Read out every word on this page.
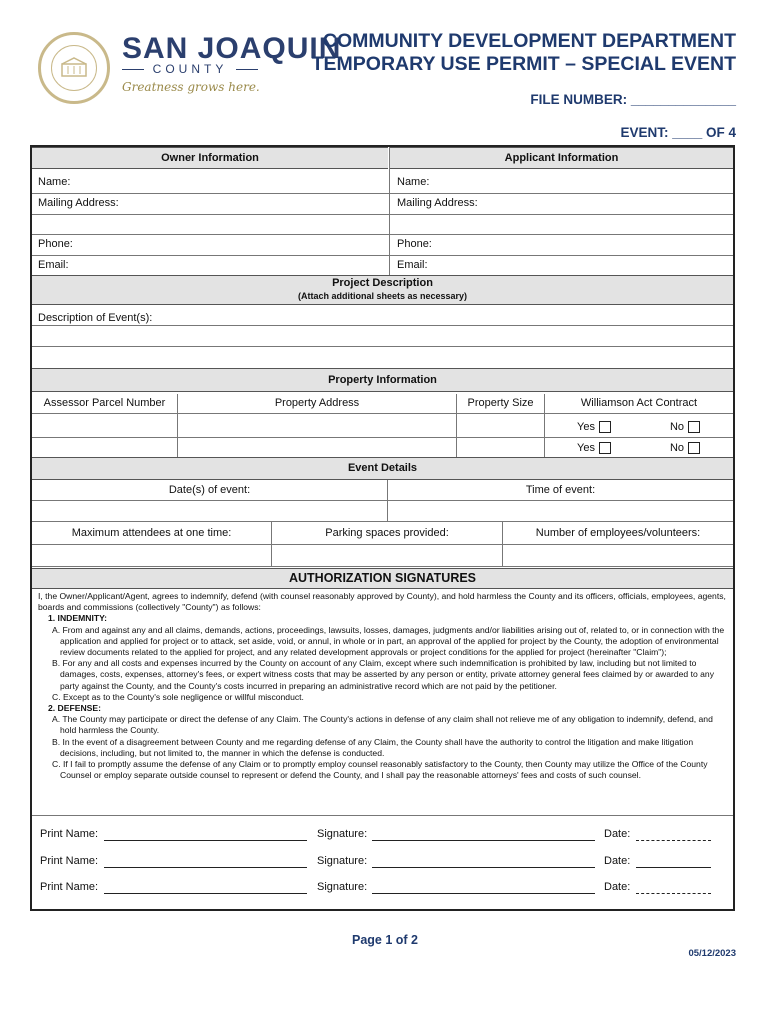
SAN JOAQUIN
COUNTY
Greatness grows here.
COMMUNITY DEVELOPMENT DEPARTMENT
TEMPORARY USE PERMIT – SPECIAL EVENT
FILE NUMBER: ______________
EVENT: ____ OF 4
Owner Information	Applicant Information
Name:	Name:
Mailing Address:	Mailing Address:
Phone:	Phone:
Email:	Email:
Project Description
(Attach additional sheets as necessary)
Description of Event(s):
Property Information
Assessor Parcel Number	Property Address	Property Size	Williamson Act Contract
Yes	No
Yes	No
Event Details
Date(s) of event:	Time of event:
Maximum attendees at one time:	Parking spaces provided:	Number of employees/volunteers:
AUTHORIZATION SIGNATURES

I, the Owner/Applicant/Agent, agrees to indemnify, defend (with counsel reasonably approved by County), and hold harmless the County and its officers, officials, employees, agents, boards and commissions (collectively "County") as follows:

1. INDEMNITY:

A. From and against any and all claims, demands, actions, proceedings, lawsuits, losses, damages, judgments and/or liabilities arising out of, related to, or in connection with the application and applied for project or to attack, set aside, void, or annul, in whole or in part, an approval of the applied for project by the County, the adoption of environmental review documents related to the applied for project, and any related development approvals or project conditions for the applied for project (hereinafter "Claim");

B. For any and all costs and expenses incurred by the County on account of any Claim, except where such indemnification is prohibited by law, including but not limited to damages, costs, expenses, attorney's fees, or expert witness costs that may be asserted by any person or entity, private attorney general fees claimed by or awarded to any party against the County, and the County's costs incurred in preparing an administrative record which are not paid by the petitioner.

C. Except as to the County's sole negligence or willful misconduct.

2. DEFENSE:

A. The County may participate or direct the defense of any Claim. The County's actions in defense of any claim shall not relieve me of any obligation to indemnify, defend, and hold harmless the County.

B. In the event of a disagreement between County and me regarding defense of any Claim, the County shall have the authority to control the litigation and make litigation decisions, including, but not limited to, the manner in which the defense is conducted.

C. If I fail to promptly assume the defense of any Claim or to promptly employ counsel reasonably satisfactory to the County, then County may utilize the Office of the County Counsel or employ separate outside counsel to represent or defend the County, and I shall pay the reasonable attorneys' fees and costs of such counsel.

Print Name:	Signature:	Date:
Print Name:	Signature:	Date:
Print Name:	Signature:	Date:
Page 1 of 2
05/12/2023
